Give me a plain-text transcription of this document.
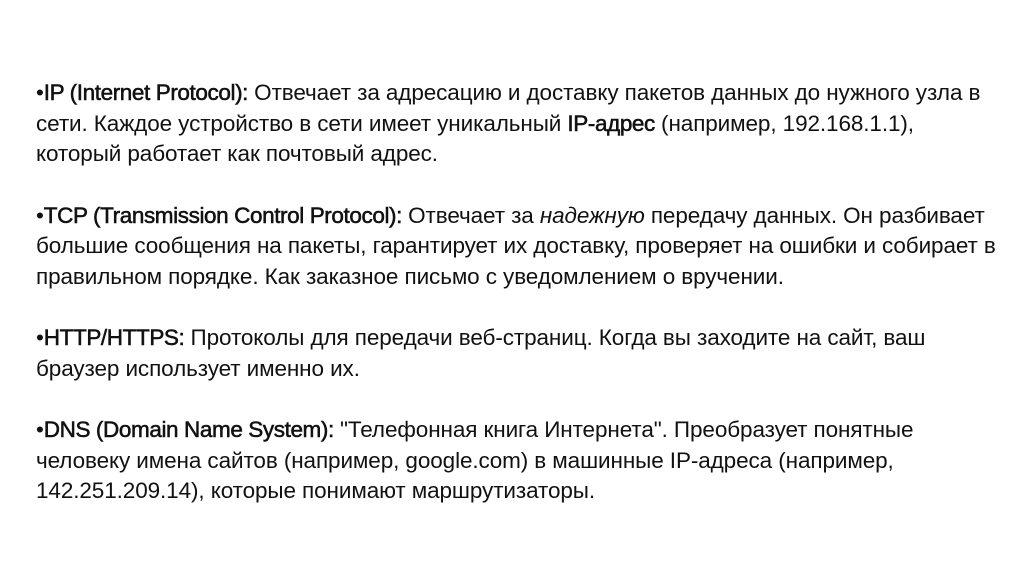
•IP (Internet Protocol): Отвечает за адресацию и доставку пакетов данных до нужного узла в сети. Каждое устройство в сети имеет уникальный IP-адрес (например, 192.168.1.1), который работает как почтовый адрес.

•TCP (Transmission Control Protocol): Отвечает за надежную передачу данных. Он разбивает большие сообщения на пакеты, гарантирует их доставку, проверяет на ошибки и собирает в правильном порядке. Как заказное письмо с уведомлением о вручении.

•HTTP/HTTPS: Протоколы для передачи веб-страниц. Когда вы заходите на сайт, ваш браузер использует именно их.

•DNS (Domain Name System): "Телефонная книга Интернета". Преобразует понятные человеку имена сайтов (например, google.com) в машинные IP-адреса (например, 142.251.209.14), которые понимают маршрутизаторы.
